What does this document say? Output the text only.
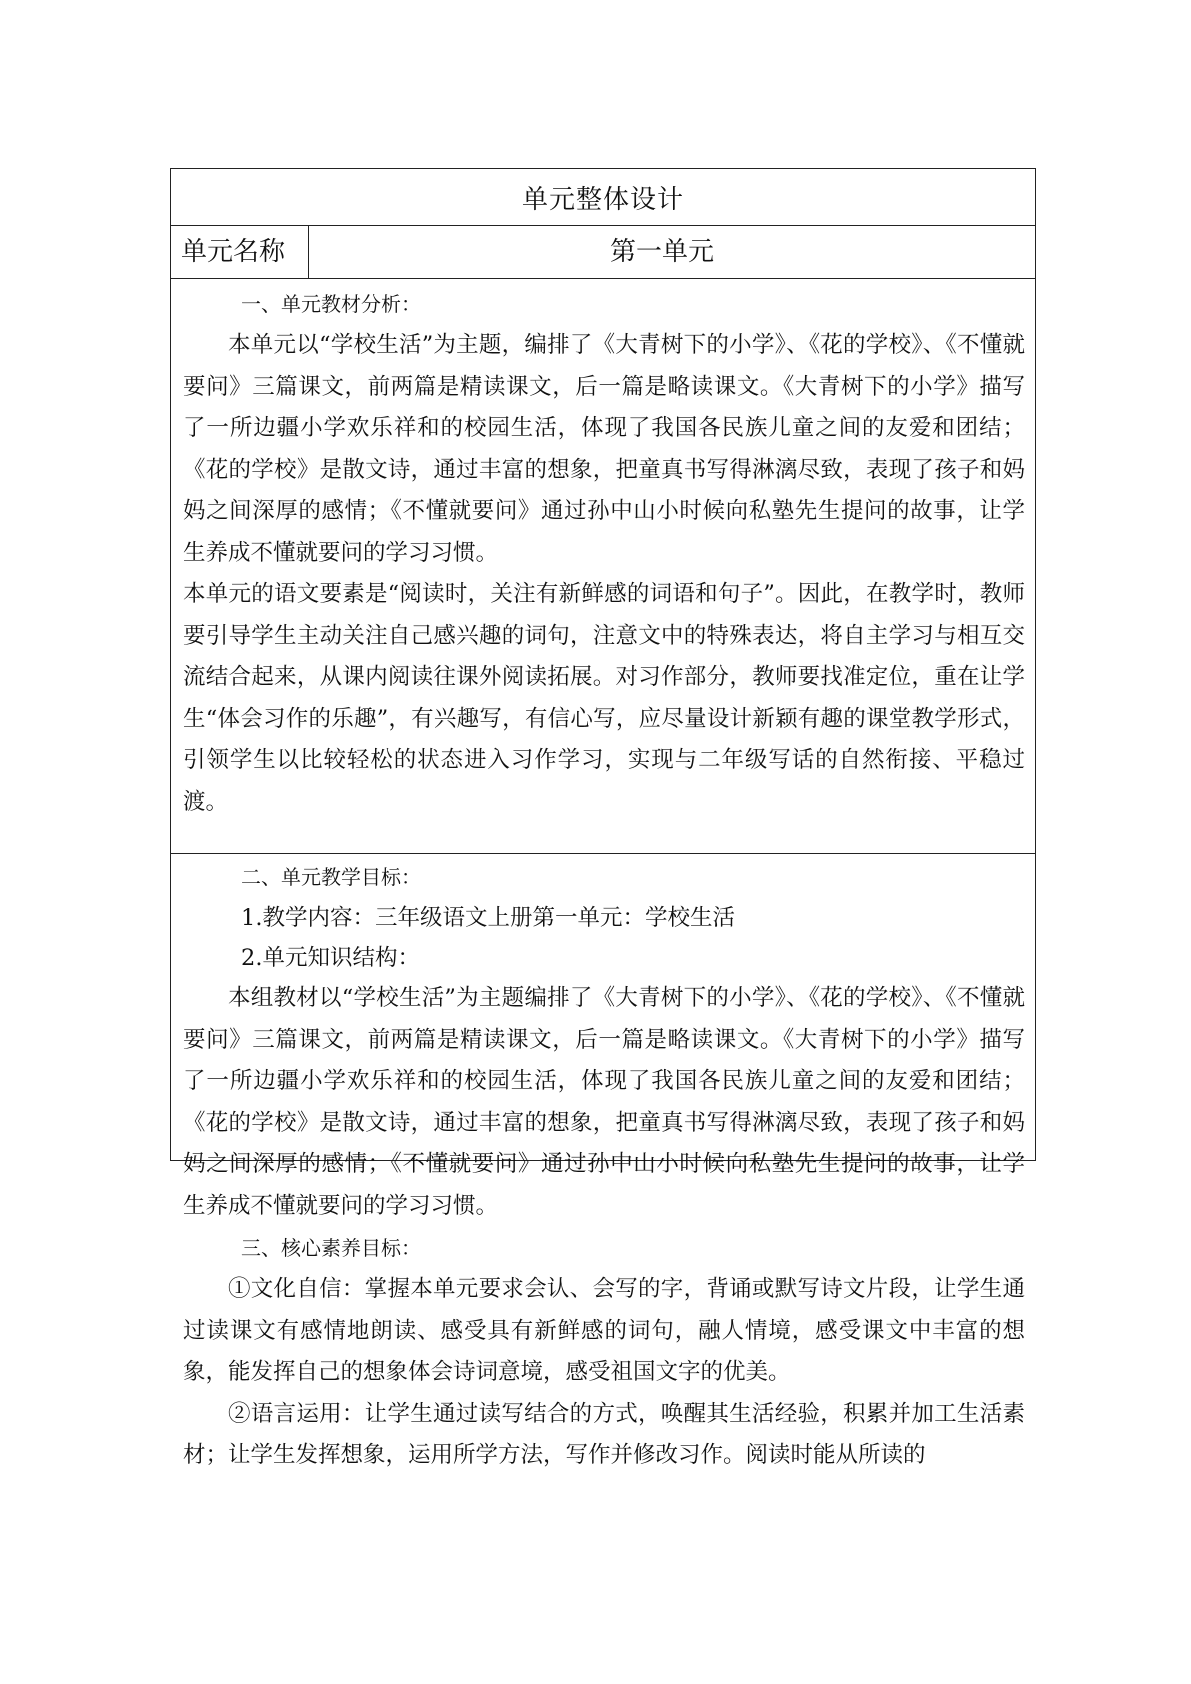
单元整体设计
单元名称	第一单元
一、单元教材分析：

本单元以“学校生活”为主题，编排了《大青树下的小学》、《花的学校》、《不懂就要问》三篇课文，前两篇是精读课文，后一篇是略读课文。《大青树下的小学》描写了一所边疆小学欢乐祥和的校园生活，体现了我国各民族儿童之间的友爱和团结；《花的学校》是散文诗，通过丰富的想象，把童真书写得淋漓尽致，表现了孩子和妈妈之间深厚的感情；《不懂就要问》通过孙中山小时候向私塾先生提问的故事，让学生养成不懂就要问的学习习惯。

本单元的语文要素是“阅读时，关注有新鲜感的词语和句子”。因此，在教学时，教师要引导学生主动关注自己感兴趣的词句，注意文中的特殊表达，将自主学习与相互交流结合起来，从课内阅读往课外阅读拓展。对习作部分，教师要找准定位，重在让学生“体会习作的乐趣”，有兴趣写，有信心写，应尽量设计新颖有趣的课堂教学形式，引领学生以比较轻松的状态进入习作学习，实现与二年级写话的自然衔接、平稳过渡。

二、单元教学目标：
1.教学内容：三年级语文上册第一单元：学校生活
2.单元知识结构：

本组教材以“学校生活”为主题编排了《大青树下的小学》、《花的学校》、《不懂就要问》三篇课文，前两篇是精读课文，后一篇是略读课文。《大青树下的小学》描写了一所边疆小学欢乐祥和的校园生活，体现了我国各民族儿童之间的友爱和团结；《花的学校》是散文诗，通过丰富的想象，把童真书写得淋漓尽致，表现了孩子和妈妈之间深厚的感情；《不懂就要问》通过孙中山小时候向私塾先生提问的故事，让学生养成不懂就要问的学习习惯。

三、核心素养目标：

①文化自信：掌握本单元要求会认、会写的字，背诵或默写诗文片段，让学生通过读课文有感情地朗读、感受具有新鲜感的词句，融人情境，感受课文中丰富的想象，能发挥自己的想象体会诗词意境，感受祖国文字的优美。

②语言运用：让学生通过读写结合的方式，唤醒其生活经验，积累并加工生活素材；让学生发挥想象，运用所学方法，写作并修改习作。阅读时能从所读的
